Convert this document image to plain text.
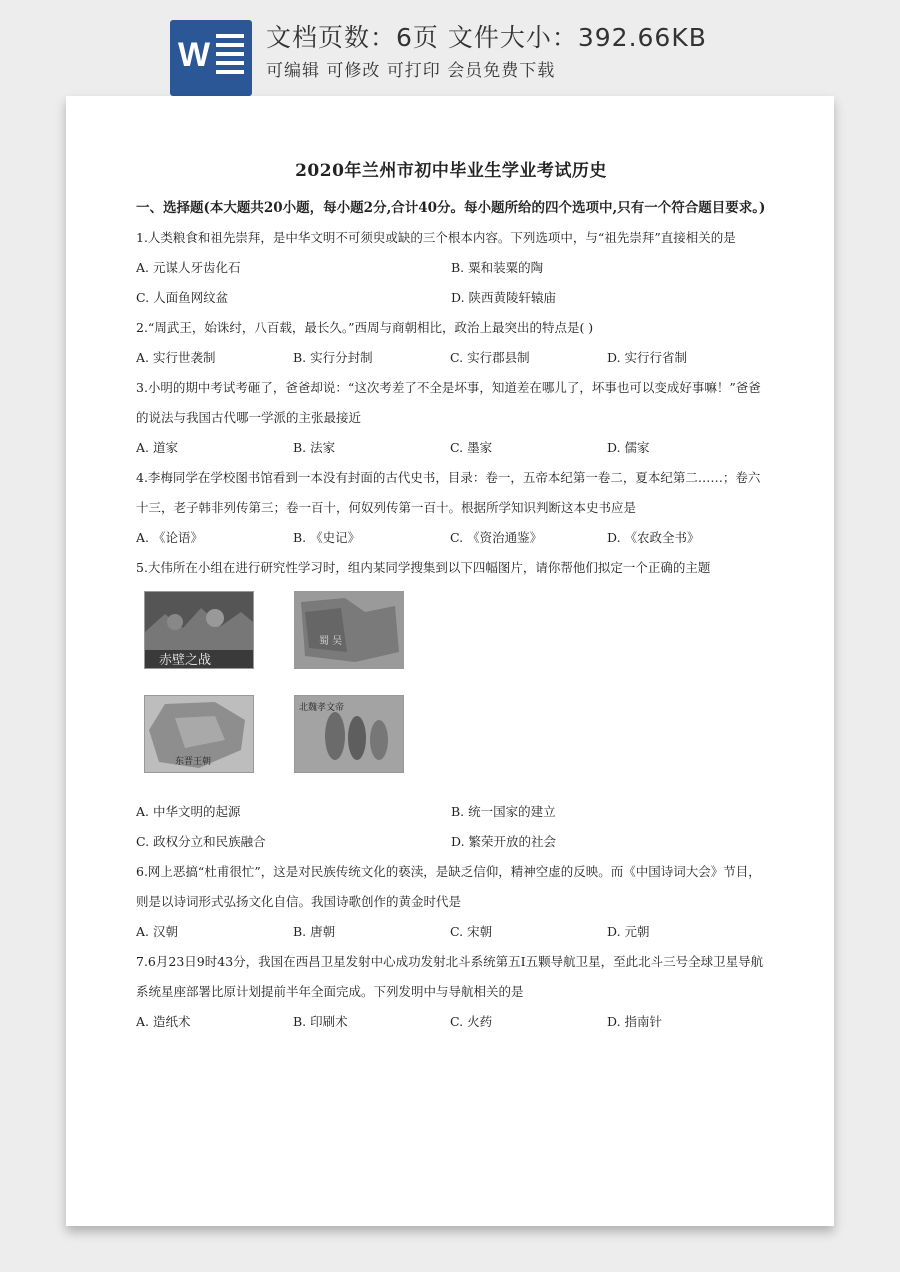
W 文档页数：6页 文件大小：392.66KB
可编辑 可修改 可打印 会员免费下载
2020年兰州市初中毕业生学业考试历史
一、选择题(本大题共20小题，每小题2分,合计40分。每小题所给的四个选项中,只有一个符合题目要求。)
1.人类粮食和祖先崇拜，是中华文明不可须臾或缺的三个根本内容。下列选项中，与“祖先崇拜”直接相关的是
A. 元谋人牙齿化石	B. 粟和装粟的陶
C. 人面鱼网纹盆	D. 陕西黄陵轩辕庙
2.“周武王，始诛纣，八百载，最长久。”西周与商朝相比，政治上最突出的特点是( )
A. 实行世袭制	B. 实行分封制	C. 实行郡县制	D. 实行行省制
3.小明的期中考试考砸了，爸爸却说：“这次考差了不全是坏事，知道差在哪儿了，坏事也可以变成好事嘛！”爸爸的说法与我国古代哪一学派的主张最接近
A. 道家	B. 法家	C. 墨家	D. 儒家
4.李梅同学在学校图书馆看到一本没有封面的古代史书，目录：卷一，五帝本纪第一卷二，夏本纪第二……；卷六十三，老子韩非列传第三；卷一百十，何奴列传第一百十。根据所学知识判断这本史书应是
A. 《论语》	B. 《史记》	C. 《资治通鉴》	D. 《农政全书》
5.大伟所在小组在进行研究性学习时，组内某同学搜集到以下四幅图片，请你帮他们拟定一个正确的主题
赤壁之战
蜀 吴
东晋王朝
北魏孝文帝
A. 中华文明的起源	B. 统一国家的建立
C. 政权分立和民族融合	D. 繁荣开放的社会
6.网上恶搞“杜甫很忙”，这是对民族传统文化的亵渎，是缺乏信仰，精神空虚的反映。而《中国诗词大会》节目，则是以诗词形式弘扬文化自信。我国诗歌创作的黄金时代是
A. 汉朝	B. 唐朝	C. 宋朝	D. 元朝
7.6月23日9时43分，我国在西昌卫星发射中心成功发射北斗系统第五Ⅰ五颗导航卫星，至此北斗三号全球卫星导航系统星座部署比原计划提前半年全面完成。下列发明中与导航相关的是
A. 造纸术	B. 印刷术	C. 火药	D. 指南针
